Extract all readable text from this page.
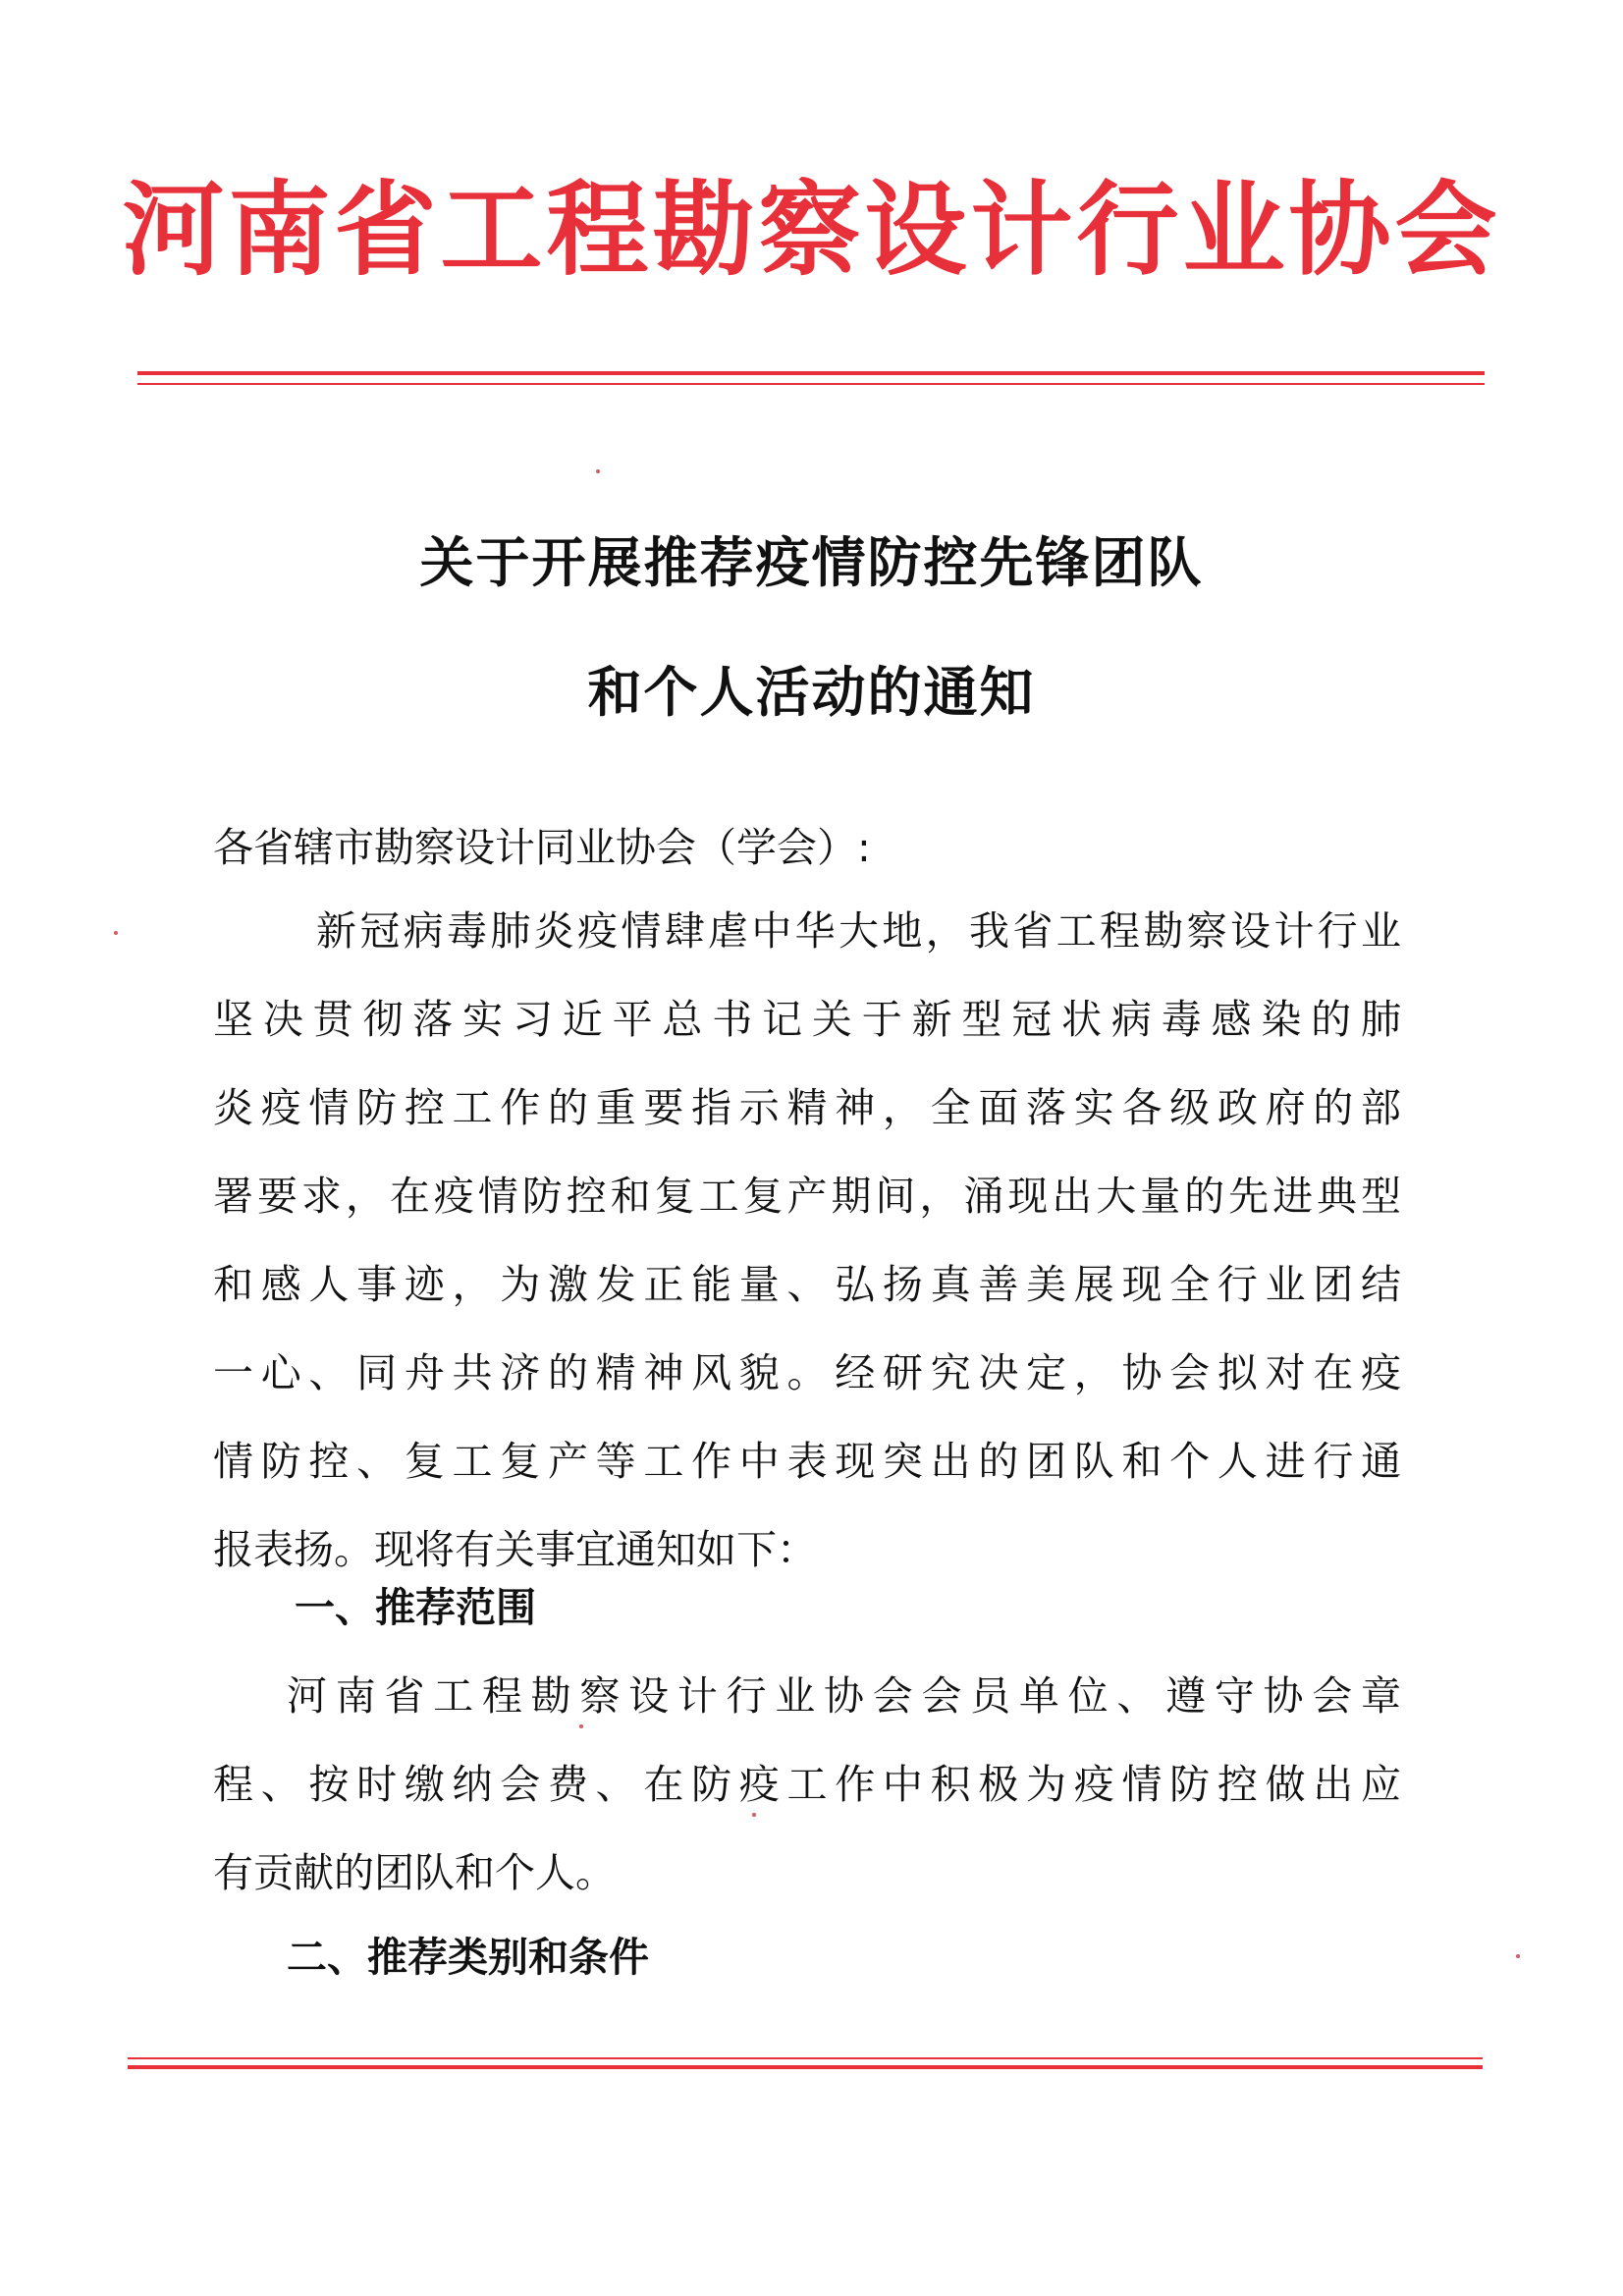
河南省工程勘察设计行业协会
关于开展推荐疫情防控先锋团队
和个人活动的通知
各省辖市勘察设计同业协会（学会）:
新冠病毒肺炎疫情肆虐中华大地，我省工程勘察设计行业
坚决贯彻落实习近平总书记关于新型冠状病毒感染的肺
炎疫情防控工作的重要指示精神，全面落实各级政府的部
署要求，在疫情防控和复工复产期间，涌现出大量的先进典型
和感人事迹，为激发正能量、弘扬真善美展现全行业团结
一心、同舟共济的精神风貌。经研究决定，协会拟对在疫
情防控、复工复产等工作中表现突出的团队和个人进行通
报表扬。现将有关事宜通知如下：
一、推荐范围
河南省工程勘察设计行业协会会员单位、遵守协会章
程、按时缴纳会费、在防疫工作中积极为疫情防控做出应
有贡献的团队和个人。
二、推荐类别和条件
